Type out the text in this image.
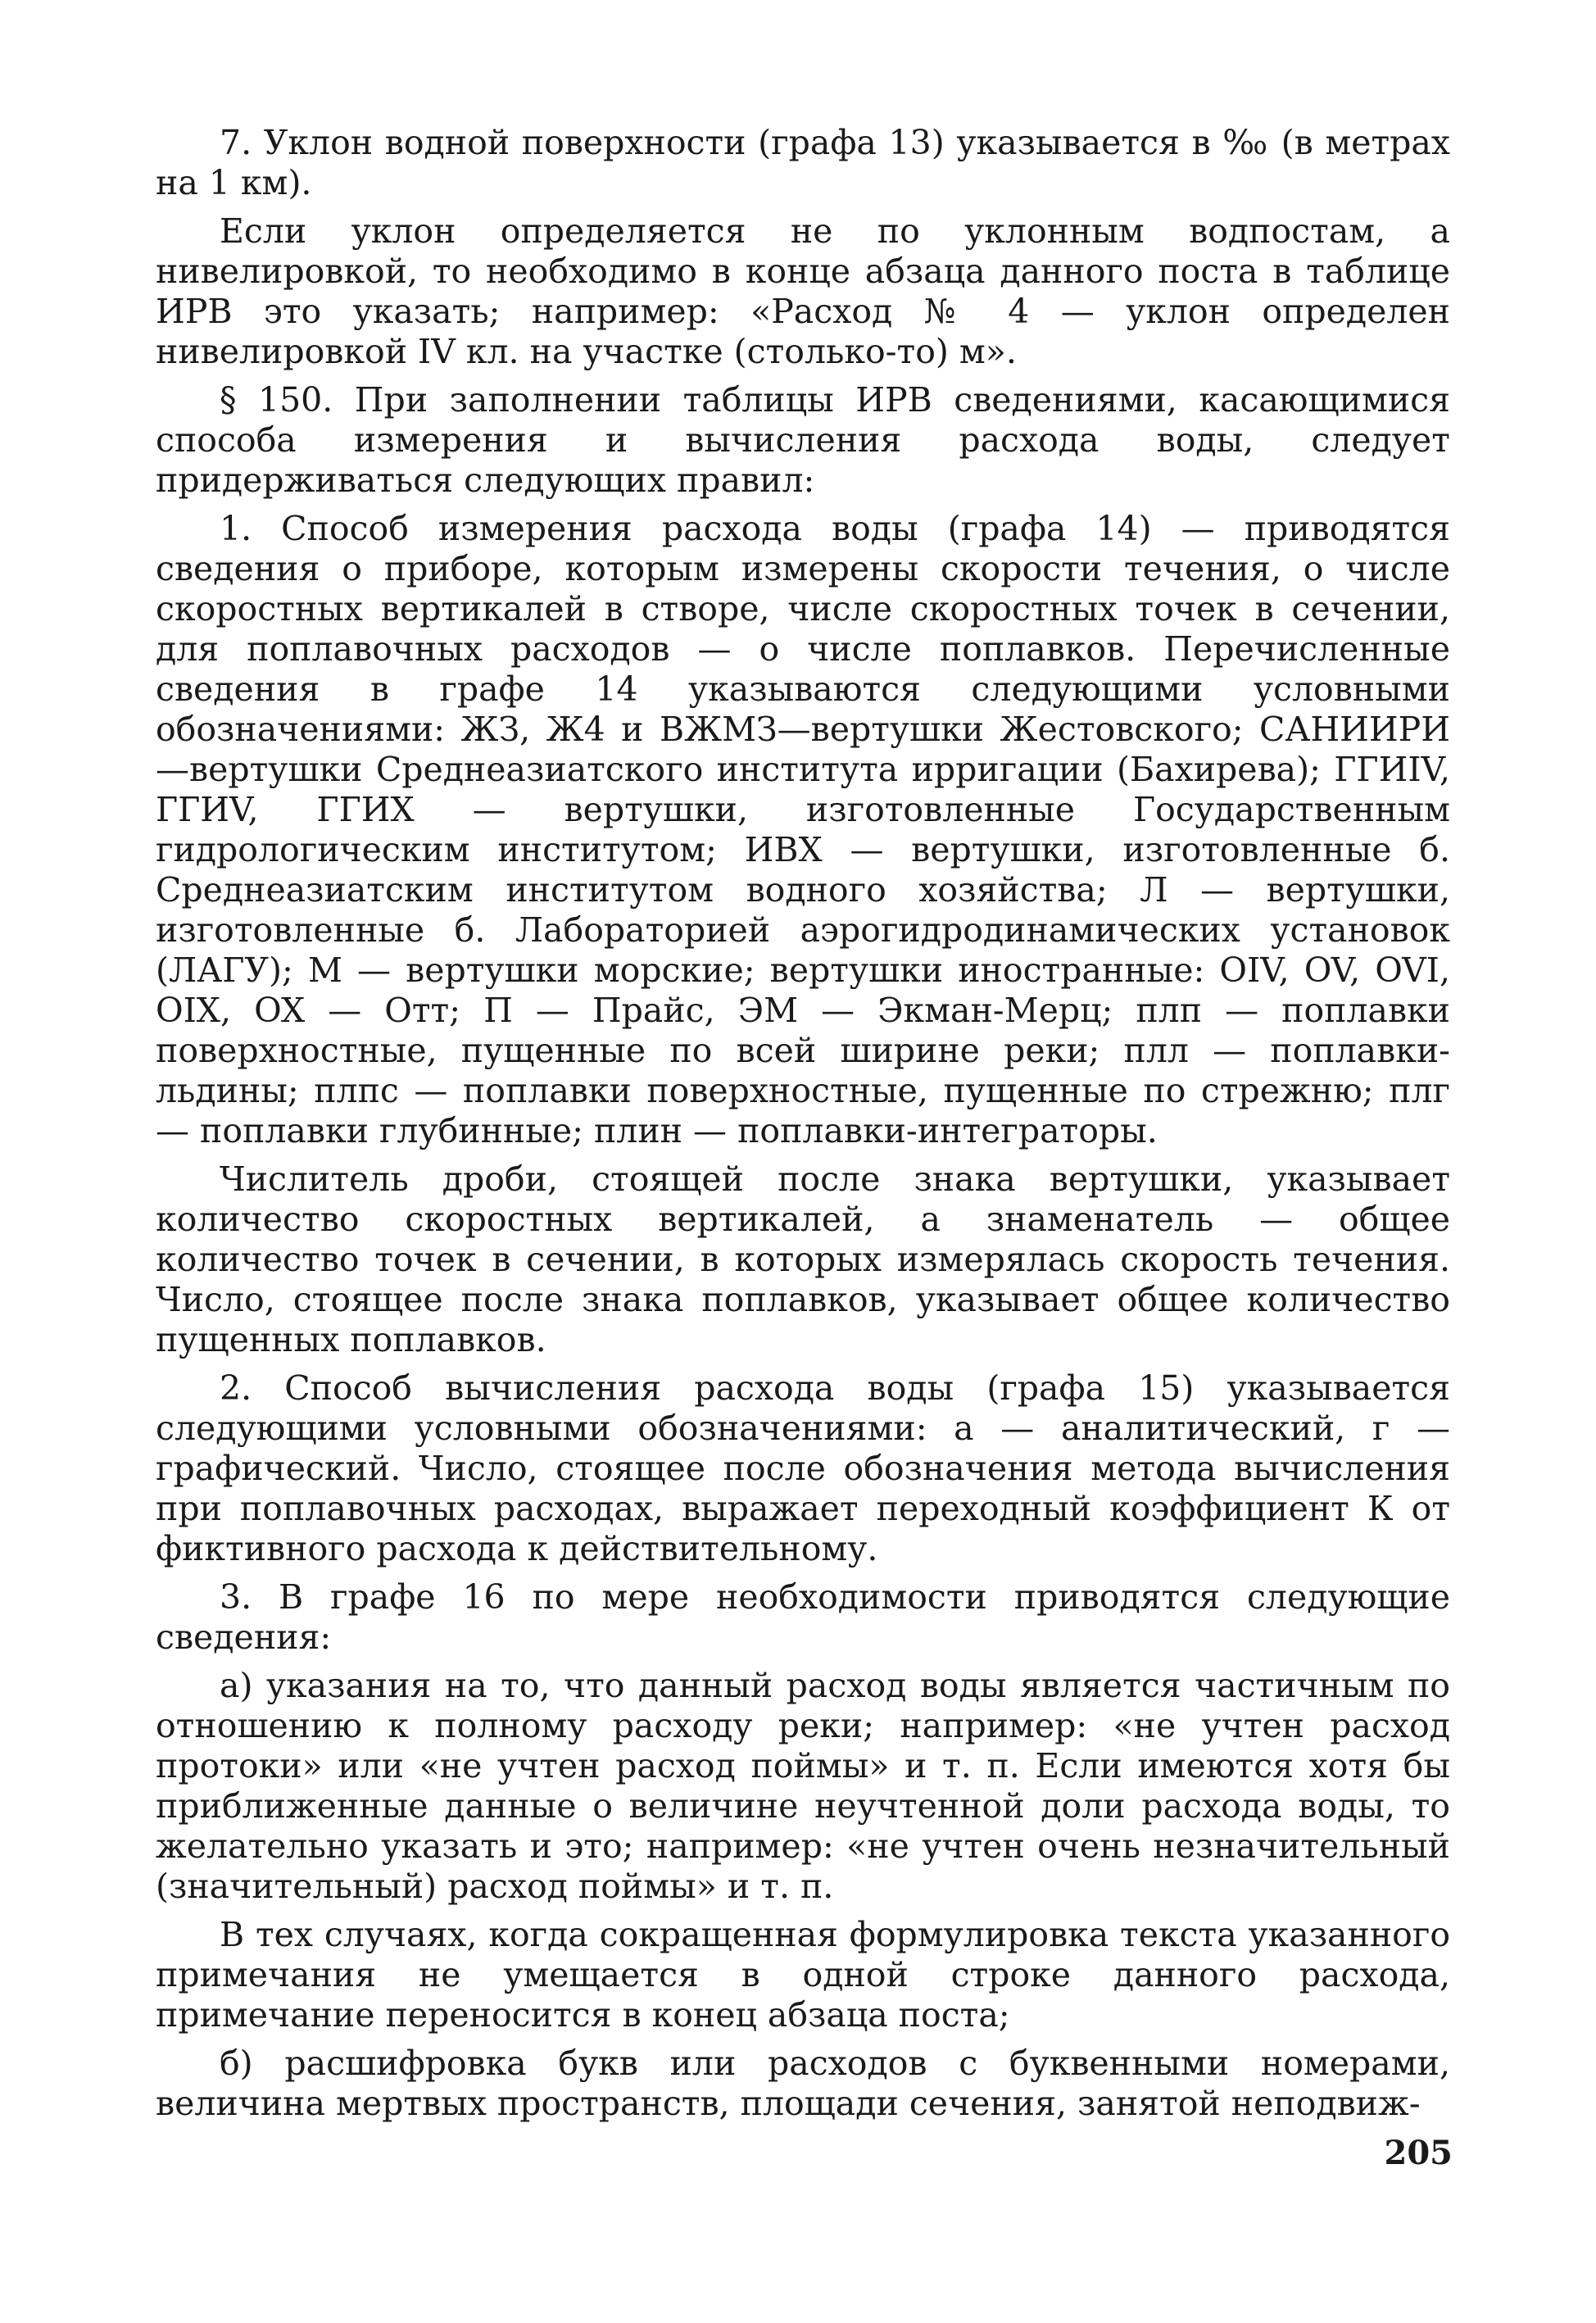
7. Уклон водной поверхности (графа 13) указывается в ‰ (в метрах на 1 км).

Если уклон определяется не по уклонным водпостам, а нивелировкой, то необходимо в конце абзаца данного поста в таблице ИРВ это указать; например: «Расход № 4 — уклон определен нивелировкой IV кл. на участке (столько-то) м».

§ 150. При заполнении таблицы ИРВ сведениями, касающимися способа измерения и вычисления расхода воды, следует придерживаться следующих правил:

1. Способ измерения расхода воды (графа 14) — приводятся сведения о приборе, которым измерены скорости течения, о числе скоростных вертикалей в створе, числе скоростных точек в сечении, для поплавочных расходов — о числе поплавков. Перечисленные сведения в графе 14 указываются следующими условными обозначениями: ЖЗ, Ж4 и ВЖМЗ—вертушки Жестовского; САНИИРИ—вертушки Среднеазиатского института ирригации (Бахирева); ГГИIV, ГГИV, ГГИX — вертушки, изготовленные Государственным гидрологическим институтом; ИВХ — вертушки, изготовленные б. Среднеазиатским институтом водного хозяйства; Л — вертушки, изготовленные б. Лабораторией аэрогидродинамических установок (ЛАГУ); М — вертушки морские; вертушки иностранные: OIV, OV, OVI, OIX, OX — Отт; П — Прайс, ЭМ — Экман-Мерц; плп — поплавки поверхностные, пущенные по всей ширине реки; плл — поплавки-льдины; плпс — поплавки поверхностные, пущенные по стрежню; плг — поплавки глубинные; плин — поплавки-интеграторы.

Числитель дроби, стоящей после знака вертушки, указывает количество скоростных вертикалей, а знаменатель — общее количество точек в сечении, в которых измерялась скорость течения. Число, стоящее после знака поплавков, указывает общее количество пущенных поплавков.

2. Способ вычисления расхода воды (графа 15) указывается следующими условными обозначениями: а — аналитический, г — графический. Число, стоящее после обозначения метода вычисления при поплавочных расходах, выражает переходный коэффициент К от фиктивного расхода к действительному.

3. В графе 16 по мере необходимости приводятся следующие сведения:

а) указания на то, что данный расход воды является частичным по отношению к полному расходу реки; например: «не учтен расход протоки» или «не учтен расход поймы» и т. п. Если имеются хотя бы приближенные данные о величине неучтенной доли расхода воды, то желательно указать и это; например: «не учтен очень незначительный (значительный) расход поймы» и т. п.

В тех случаях, когда сокращенная формулировка текста указанного примечания не умещается в одной строке данного расхода, примечание переносится в конец абзаца поста;

б) расшифровка букв или расходов с буквенными номерами, величина мертвых пространств, площади сечения, занятой неподвиж-

205
